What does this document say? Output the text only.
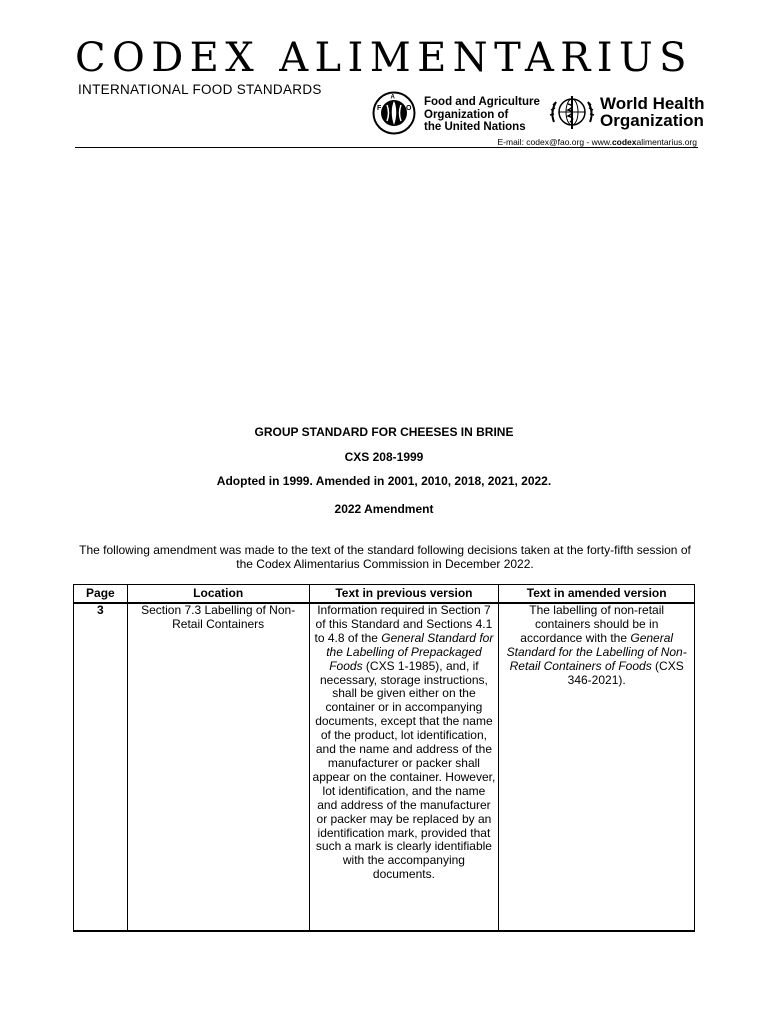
CODEX ALIMENTARIUS
INTERNATIONAL FOOD STANDARDS
F
A
O
Food and Agriculture
Organization of
the United Nations
World Health
Organization
E-mail: codex@fao.org - www.codexalimentarius.org
GROUP STANDARD FOR CHEESES IN BRINE
CXS 208-1999
Adopted in 1999. Amended in 2001, 2010, 2018, 2021, 2022.
2022 Amendment
The following amendment was made to the text of the standard following decisions taken at the forty-fifth session of the Codex Alimentarius Commission in December 2022.
Page	Location	Text in previous version	Text in amended version
3	Section 7.3 Labelling of Non-Retail Containers	Information required in Section 7 of this Standard and Sections 4.1 to 4.8 of the General Standard for the Labelling of Prepackaged Foods (CXS 1-1985), and, if necessary, storage instructions, shall be given either on the container or in accompanying documents, except that the name of the product, lot identification, and the name and address of the manufacturer or packer shall appear on the container. However, lot identification, and the name and address of the manufacturer or packer may be replaced by an identification mark, provided that such a mark is clearly identifiable with the accompanying documents.	The labelling of non-retail containers should be in accordance with the General Standard for the Labelling of Non-Retail Containers of Foods (CXS 346-2021).
